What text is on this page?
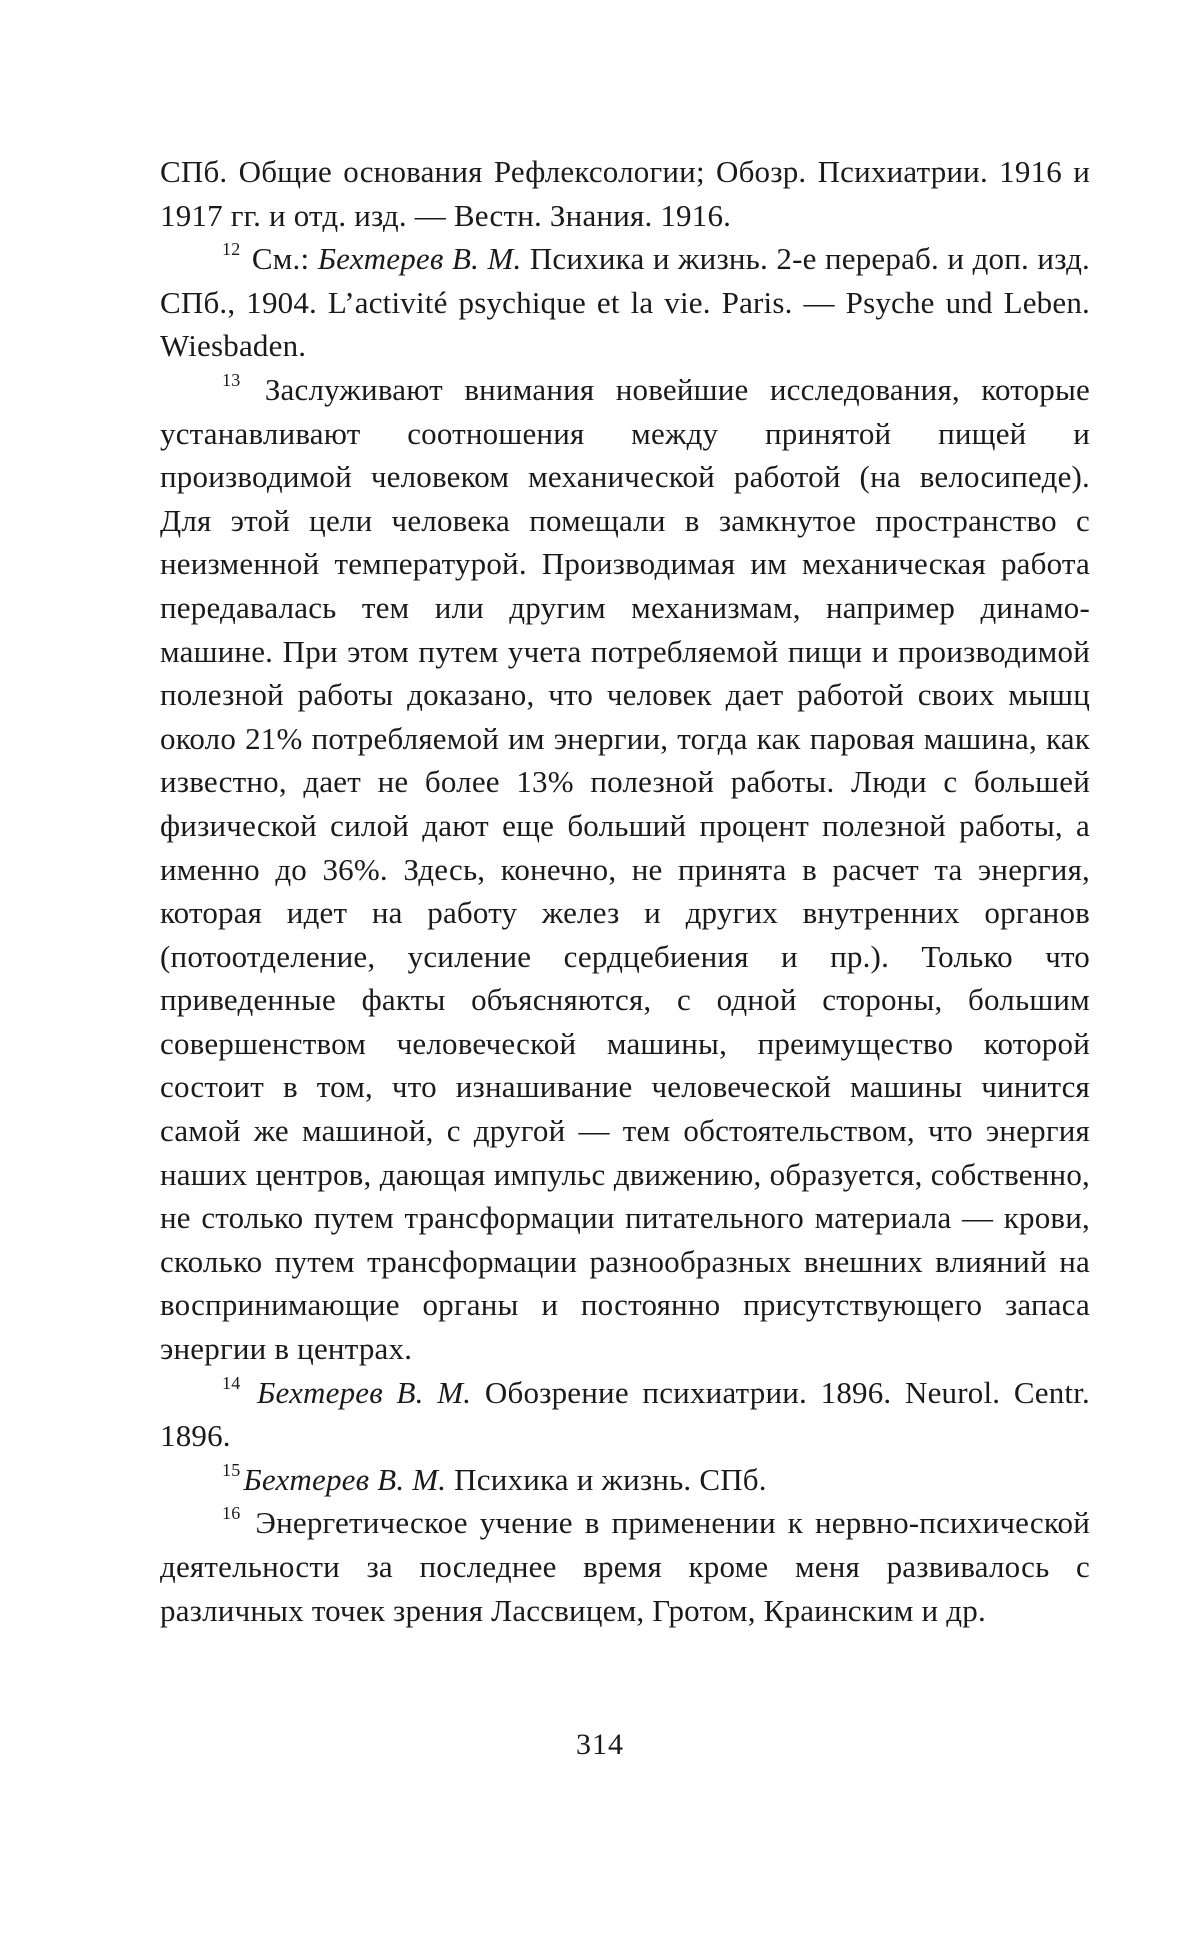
СПб. Общие основания Рефлексологии; Обозр. Психиатрии. 1916 и 1917 гг. и отд. изд. — Вестн. Знания. 1916.

$^{12}$ См.: Бехтерев В. М. Психика и жизнь. 2-е перераб. и доп. изд. СПб., 1904. L’activité psychique et la vie. Paris. — Psyche und Leben. Wiesbaden.

$^{13}$ Заслуживают внимания новейшие исследования, которые устанавливают соотношения между принятой пищей и производимой человеком механической работой (на велосипеде). Для этой цели человека помещали в замкнутое пространство с неизменной температурой. Производимая им механическая работа передавалась тем или другим механизмам, например динамо-машине. При этом путем учета потребляемой пищи и производимой полезной работы доказано, что человек дает работой своих мышц около 21% потребляемой им энергии, тогда как паровая машина, как известно, дает не более 13% полезной работы. Люди с большей физической силой дают еще больший процент полезной работы, а именно до 36%. Здесь, конечно, не принята в расчет та энергия, которая идет на работу желез и других внутренних органов (потоотделение, усиление сердцебиения и пр.). Только что приведенные факты объясняются, с одной стороны, большим совершенством человеческой машины, преимущество которой состоит в том, что изнашивание человеческой машины чинится самой же машиной, с другой — тем обстоятельством, что энергия наших центров, дающая импульс движению, образуется, собственно, не столько путем трансформации питательного материала — крови, сколько путем трансформации разнообразных внешних влияний на воспринимающие органы и постоянно присутствующего запаса энергии в центрах.

$^{14}$ Бехтерев В. М. Обозрение психиатрии. 1896. Neurol. Centr. 1896.

$^{15}$Бехтерев В. М. Психика и жизнь. СПб.

$^{16}$ Энергетическое учение в применении к нервно-психической деятельности за последнее время кроме меня развивалось с различных точек зрения Лассвицем, Гротом, Краинским и др.

314
